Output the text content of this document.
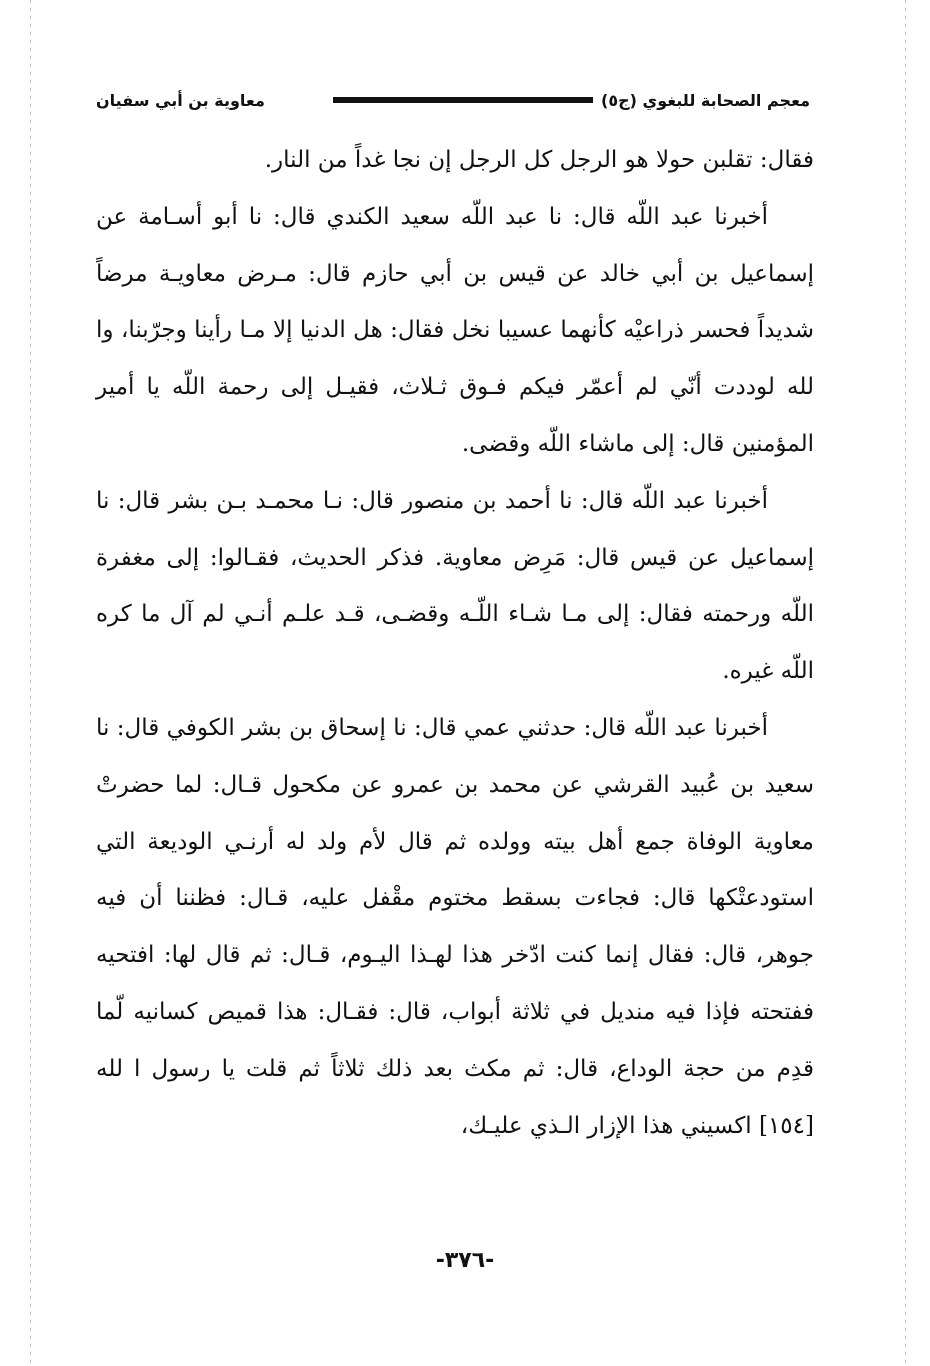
معجم الصحابة للبغوي (ج٥)
معاوية بن أبي سفيان

فقال: تقلبن حولا هو الرجل كل الرجل إن نجا غداً من النار.

أخبرنا عبد اللّه قال: نا عبد اللّه سعيد الكندي قال: نا أبو أسـامة عن إسماعيل بن أبي خالد عن قيس بن أبي حازم قال: مـرض معاويـة مرضاً شديداً فحسر ذراعيْه كأنهما عسيبا نخل فقال: هل الدنيا إلا مـا رأينا وجرّبنا، وا لله لوددت أنّي لم أعمّر فيكم فـوق ثـلاث، فقيـل إلى رحمة اللّه يا أمير المؤمنين قال: إلى ماشاء اللّه وقضى.

أخبرنا عبد اللّه قال: نا أحمد بن منصور قال: نـا محمـد بـن بشر قال: نا إسماعيل عن قيس قال: مَرِض معاوية. فذكر الحديث، فقـالوا: إلى مغفرة اللّه ورحمته فقال: إلى مـا شـاء اللّـه وقضـى، قـد علـم أنـي لم آل ما كره اللّه غيره.

أخبرنا عبد اللّه قال: حدثني عمي قال: نا إسحاق بن بشر الكوفي قال: نا سعيد بن عُبيد القرشي عن محمد بن عمرو عن مكحول قـال: لما حضرتْ معاوية الوفاة جمع أهل بيته وولده ثم قال لأم ولد له أرنـي الوديعة التي استودعتْكها قال: فجاءت بسقط مختوم مقْفل عليه، قـال: فظننا أن فيه جوهر، قال: فقال إنما كنت ادّخر هذا لهـذا اليـوم، قـال: ثم قال لها: افتحيه ففتحته فإذا فيه منديل في ثلاثة أبواب، قال: فقـال: هذا قميص كسانيه لّما قدِم من حجة الوداع، قال: ثم مكث بعد ذلك ثلاثاً ثم قلت يا رسول ا لله [١٥٤] اكسيني هذا الإزار الـذي عليـك،

-٣٧٦-
